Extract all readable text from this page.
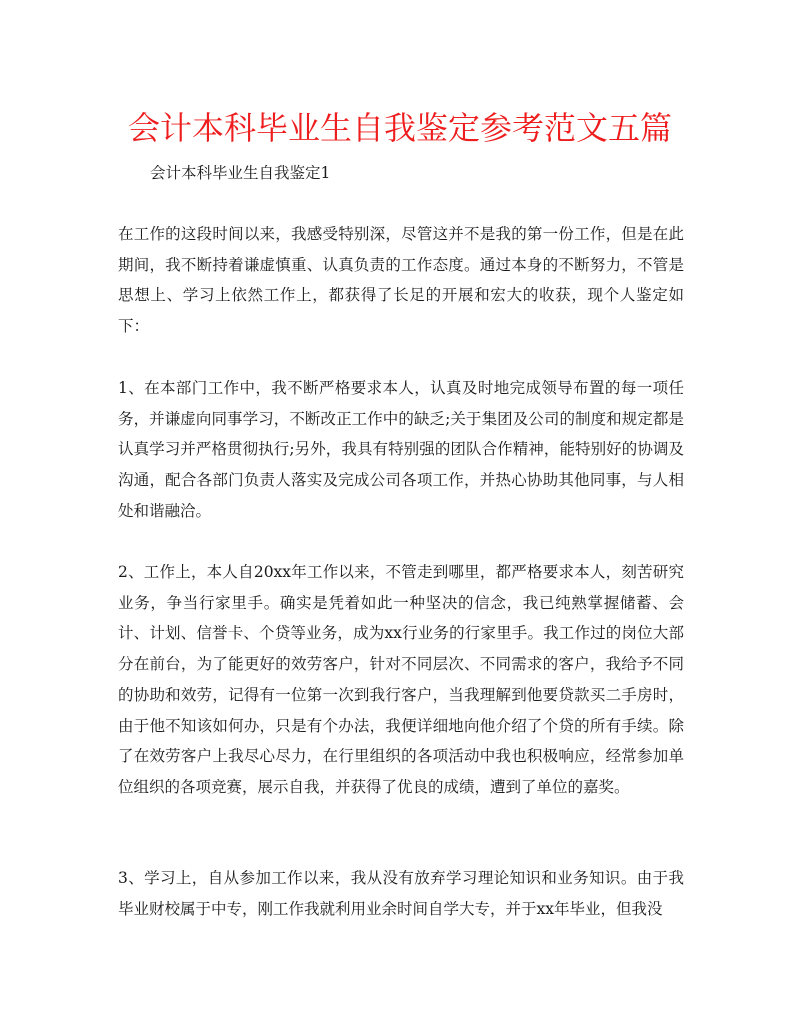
会计本科毕业生自我鉴定参考范文五篇
会计本科毕业生自我鉴定1

在工作的这段时间以来，我感受特别深，尽管这并不是我的第一份工作，但是在此期间，我不断持着谦虚慎重、认真负责的工作态度。通过本身的不断努力，不管是思想上、学习上依然工作上，都获得了长足的开展和宏大的收获，现个人鉴定如下：

1、在本部门工作中，我不断严格要求本人，认真及时地完成领导布置的每一项任务，并谦虚向同事学习，不断改正工作中的缺乏;关于集团及公司的制度和规定都是认真学习并严格贯彻执行;另外，我具有特别强的团队合作精神，能特别好的协调及沟通，配合各部门负责人落实及完成公司各项工作，并热心协助其他同事，与人相处和谐融洽。

2、工作上，本人自20xx年工作以来，不管走到哪里，都严格要求本人，刻苦研究业务，争当行家里手。确实是凭着如此一种坚决的信念，我已纯熟掌握储蓄、会计、计划、信誉卡、个贷等业务，成为xx行业务的行家里手。我工作过的岗位大部分在前台，为了能更好的效劳客户，针对不同层次、不同需求的客户，我给予不同的协助和效劳，记得有一位第一次到我行客户，当我理解到他要贷款买二手房时，由于他不知该如何办，只是有个办法，我便详细地向他介绍了个贷的所有手续。除了在效劳客户上我尽心尽力，在行里组织的各项活动中我也积极响应，经常参加单位组织的各项竞赛，展示自我，并获得了优良的成绩，遭到了单位的嘉奖。

3、学习上，自从参加工作以来，我从没有放弃学习理论知识和业务知识。由于我毕业财校属于中专，刚工作我就利用业余时间自学大专，并于xx年毕业，但我没
